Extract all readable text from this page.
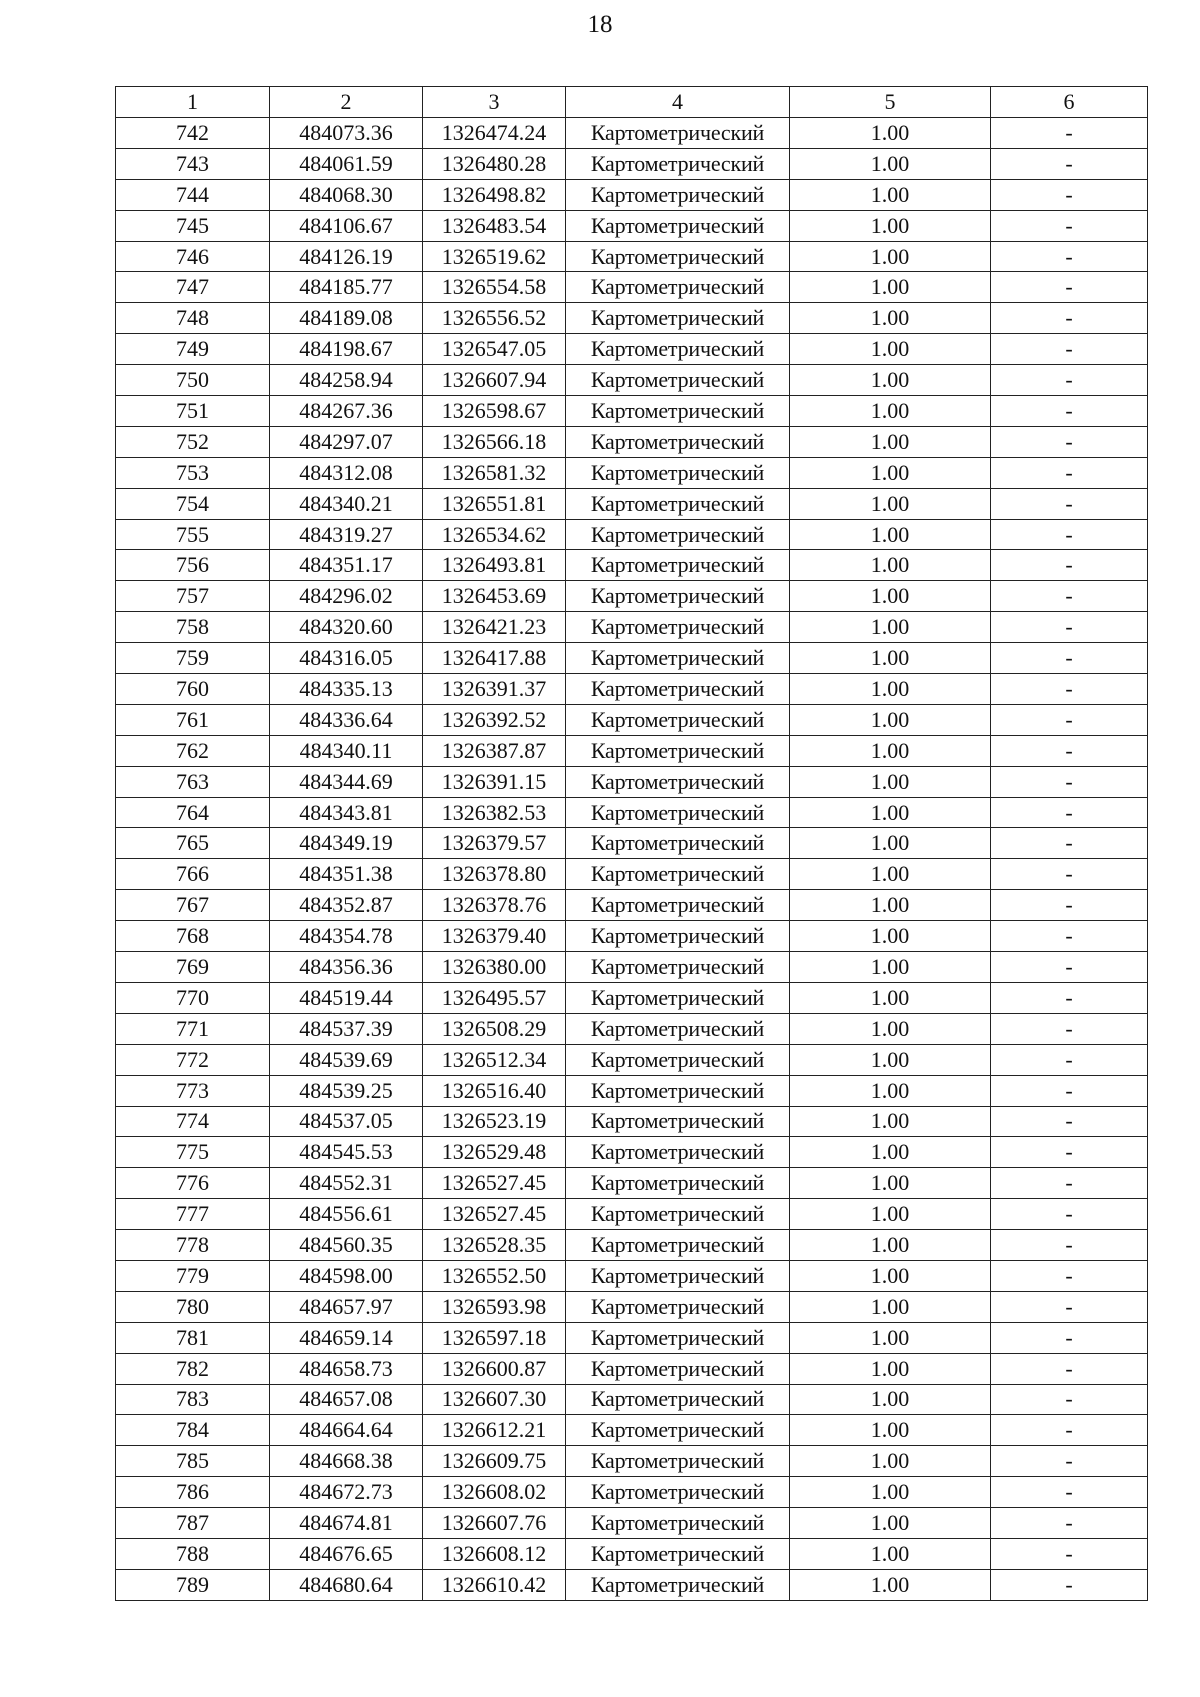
18
1	2	3	4	5	6
742	484073.36	1326474.24	Картометрический	1.00	-
743	484061.59	1326480.28	Картометрический	1.00	-
744	484068.30	1326498.82	Картометрический	1.00	-
745	484106.67	1326483.54	Картометрический	1.00	-
746	484126.19	1326519.62	Картометрический	1.00	-
747	484185.77	1326554.58	Картометрический	1.00	-
748	484189.08	1326556.52	Картометрический	1.00	-
749	484198.67	1326547.05	Картометрический	1.00	-
750	484258.94	1326607.94	Картометрический	1.00	-
751	484267.36	1326598.67	Картометрический	1.00	-
752	484297.07	1326566.18	Картометрический	1.00	-
753	484312.08	1326581.32	Картометрический	1.00	-
754	484340.21	1326551.81	Картометрический	1.00	-
755	484319.27	1326534.62	Картометрический	1.00	-
756	484351.17	1326493.81	Картометрический	1.00	-
757	484296.02	1326453.69	Картометрический	1.00	-
758	484320.60	1326421.23	Картометрический	1.00	-
759	484316.05	1326417.88	Картометрический	1.00	-
760	484335.13	1326391.37	Картометрический	1.00	-
761	484336.64	1326392.52	Картометрический	1.00	-
762	484340.11	1326387.87	Картометрический	1.00	-
763	484344.69	1326391.15	Картометрический	1.00	-
764	484343.81	1326382.53	Картометрический	1.00	-
765	484349.19	1326379.57	Картометрический	1.00	-
766	484351.38	1326378.80	Картометрический	1.00	-
767	484352.87	1326378.76	Картометрический	1.00	-
768	484354.78	1326379.40	Картометрический	1.00	-
769	484356.36	1326380.00	Картометрический	1.00	-
770	484519.44	1326495.57	Картометрический	1.00	-
771	484537.39	1326508.29	Картометрический	1.00	-
772	484539.69	1326512.34	Картометрический	1.00	-
773	484539.25	1326516.40	Картометрический	1.00	-
774	484537.05	1326523.19	Картометрический	1.00	-
775	484545.53	1326529.48	Картометрический	1.00	-
776	484552.31	1326527.45	Картометрический	1.00	-
777	484556.61	1326527.45	Картометрический	1.00	-
778	484560.35	1326528.35	Картометрический	1.00	-
779	484598.00	1326552.50	Картометрический	1.00	-
780	484657.97	1326593.98	Картометрический	1.00	-
781	484659.14	1326597.18	Картометрический	1.00	-
782	484658.73	1326600.87	Картометрический	1.00	-
783	484657.08	1326607.30	Картометрический	1.00	-
784	484664.64	1326612.21	Картометрический	1.00	-
785	484668.38	1326609.75	Картометрический	1.00	-
786	484672.73	1326608.02	Картометрический	1.00	-
787	484674.81	1326607.76	Картометрический	1.00	-
788	484676.65	1326608.12	Картометрический	1.00	-
789	484680.64	1326610.42	Картометрический	1.00	-
